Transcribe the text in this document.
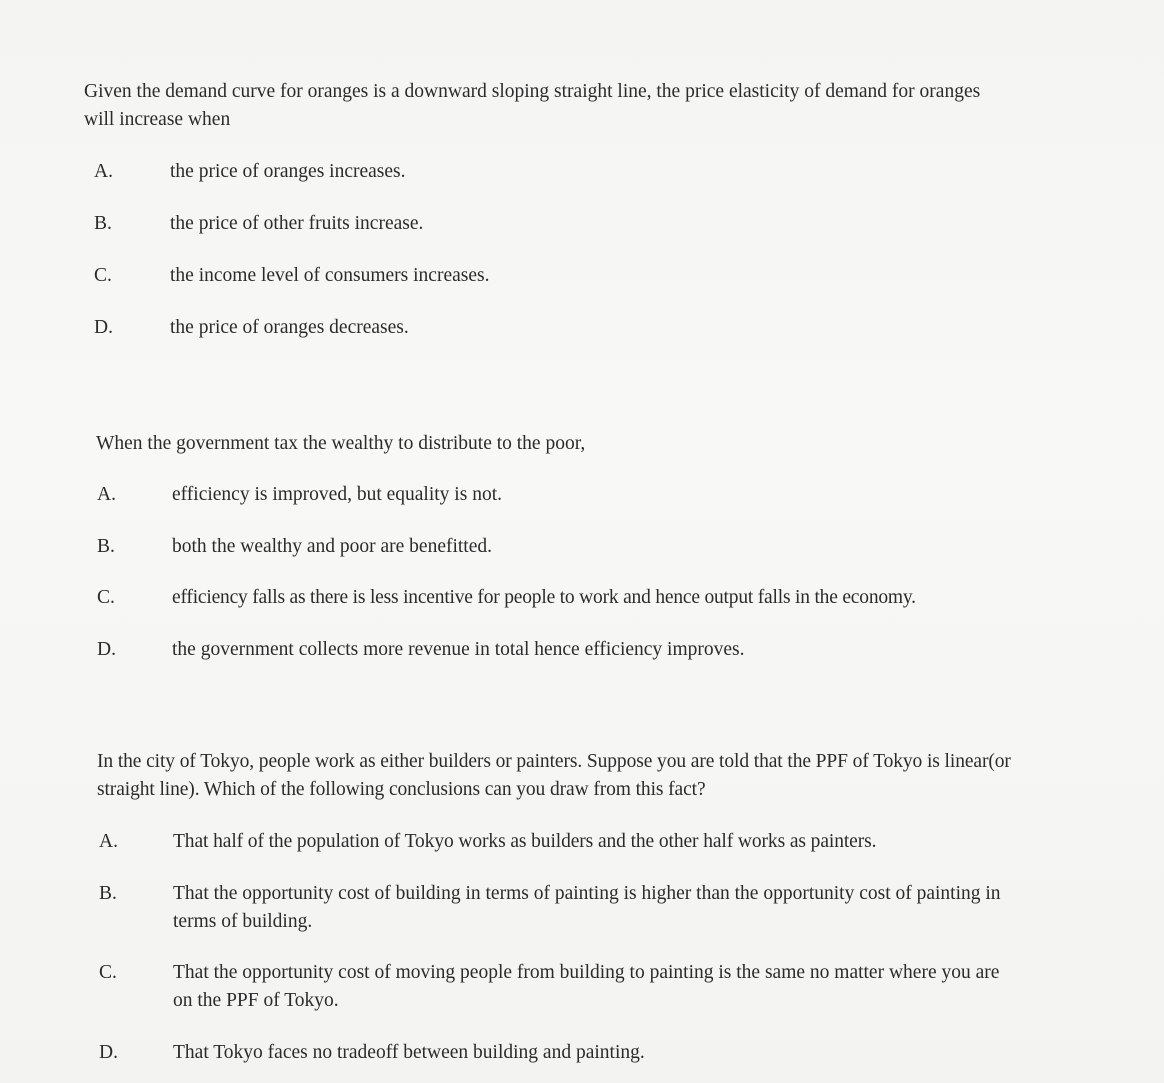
Given the demand curve for oranges is a downward sloping straight line, the price elasticity of demand for oranges will increase when

A.	the price of oranges increases.

B.	the price of other fruits increase.

C.	the income level of consumers increases.

D.	the price of oranges decreases.

When the government tax the wealthy to distribute to the poor,

A.	efficiency is improved, but equality is not.

B.	both the wealthy and poor are benefitted.

C.	efficiency falls as there is less incentive for people to work and hence output falls in the economy.

D.	the government collects more revenue in total hence efficiency improves.

In the city of Tokyo, people work as either builders or painters. Suppose you are told that the PPF of Tokyo is linear(or straight line). Which of the following conclusions can you draw from this fact?

A.	That half of the population of Tokyo works as builders and the other half works as painters.

B.	That the opportunity cost of building in terms of painting is higher than the opportunity cost of painting in terms of building.

C.	That the opportunity cost of moving people from building to painting is the same no matter where you are on the PPF of Tokyo.

D.	That Tokyo faces no tradeoff between building and painting.
